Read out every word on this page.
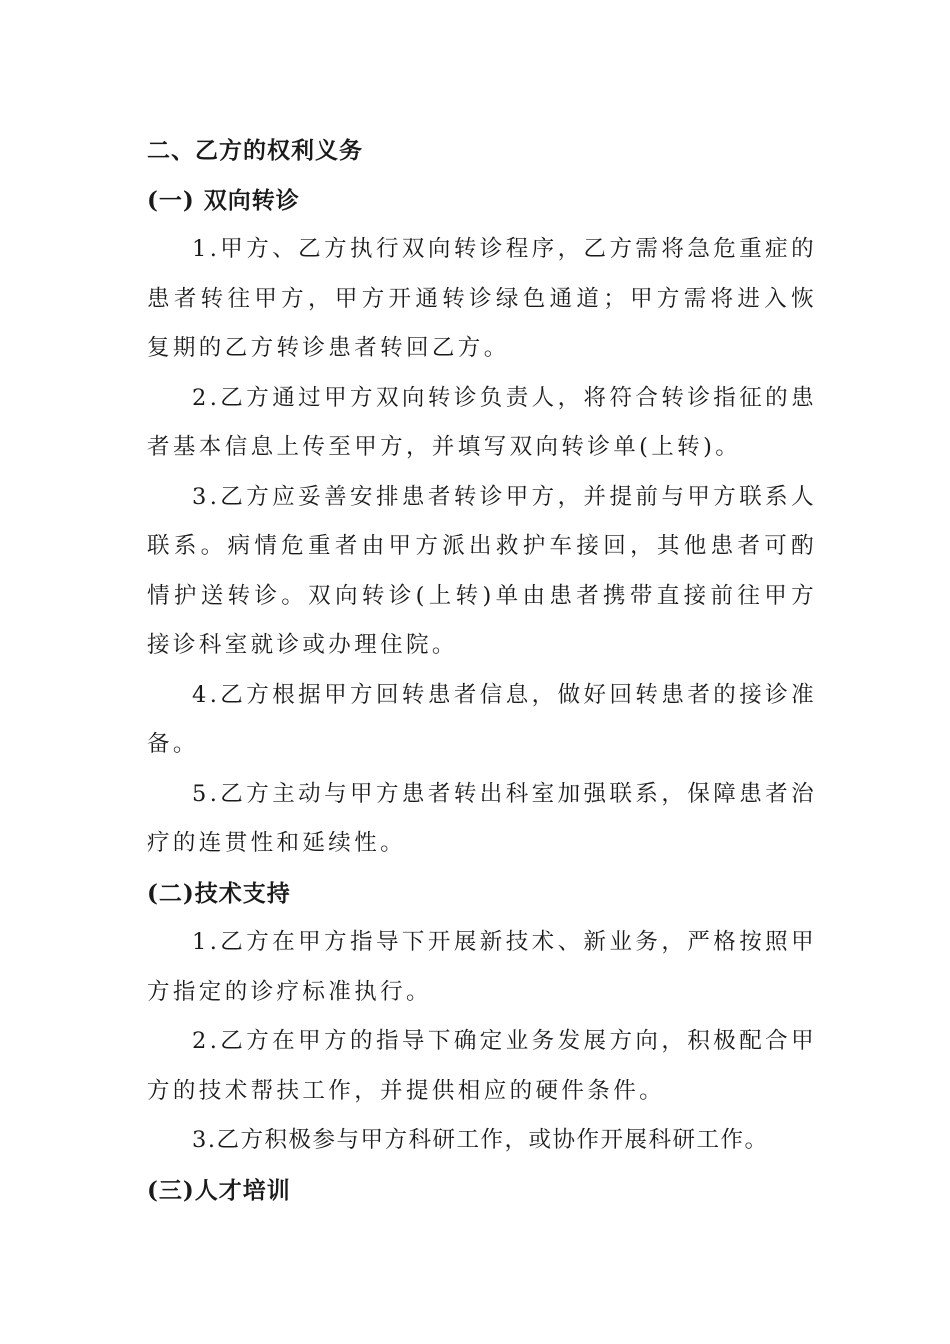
二、乙方的权利义务
(一) 双向转诊

1.甲方、乙方执行双向转诊程序，乙方需将急危重症的患者转往甲方，甲方开通转诊绿色通道；甲方需将进入恢复期的乙方转诊患者转回乙方。

2.乙方通过甲方双向转诊负责人，将符合转诊指征的患者基本信息上传至甲方，并填写双向转诊单(上转)。

3.乙方应妥善安排患者转诊甲方，并提前与甲方联系人联系。病情危重者由甲方派出救护车接回，其他患者可酌情护送转诊。双向转诊(上转)单由患者携带直接前往甲方接诊科室就诊或办理住院。

4.乙方根据甲方回转患者信息，做好回转患者的接诊准备。

5.乙方主动与甲方患者转出科室加强联系，保障患者治疗的连贯性和延续性。

(二)技术支持

1.乙方在甲方指导下开展新技术、新业务，严格按照甲方指定的诊疗标准执行。

2.乙方在甲方的指导下确定业务发展方向，积极配合甲方的技术帮扶工作，并提供相应的硬件条件。

3.乙方积极参与甲方科研工作，或协作开展科研工作。

(三)人才培训
